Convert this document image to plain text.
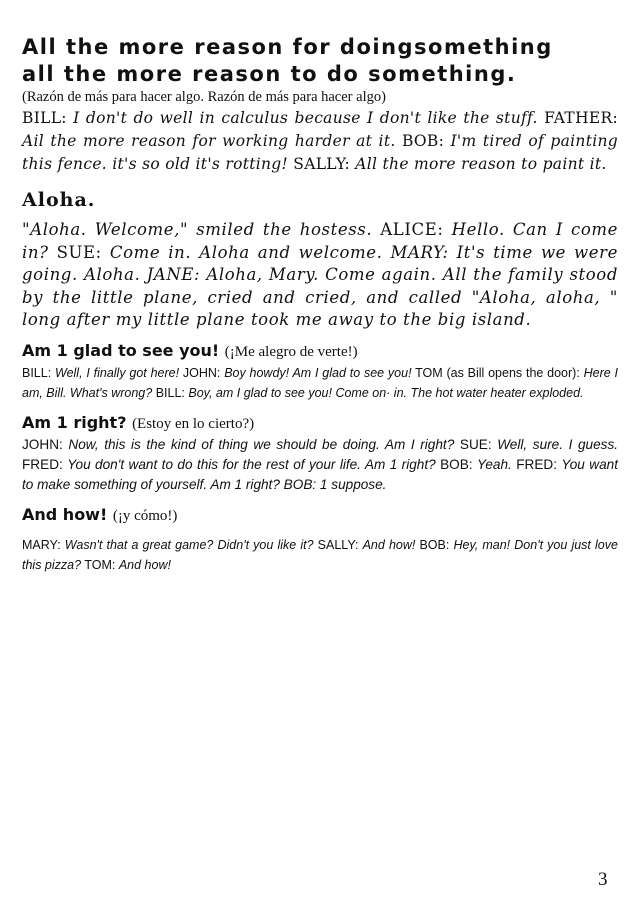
All the more reason for doingsomething
all the more reason to do something.
(Razón de más para hacer algo. Razón de más para hacer algo)
BILL: I don't do well in calculus because I don't like the stuff. FATHER: Ail the more reason for working harder at it. BOB: I'm tired of painting this fence. it's so old it's rotting! SALLY: All the more reason to paint it.
Aloha.
"Aloha. Welcome," smiled the hostess. ALICE: Hello. Can I come in? SUE: Come in. Aloha and welcome. MARY: It's time we were going. Aloha. JANE: Aloha, Mary. Come again. All the family stood by the little plane, cried and cried, and called "Aloha, aloha, " long after my little plane took me away to the big island.
Am 1 glad to see you! (¡Me alegro de verte!)
BILL: Well, I finally got here! JOHN: Boy howdy! Am I glad to see you! TOM (as Bill opens the door): Here I am, Bill. What's wrong? BILL: Boy, am I glad to see you! Come on· in. The hot water heater exploded.
Am 1 right? (Estoy en lo cierto?)
JOHN: Now, this is the kind of thing we should be doing. Am I right? SUE: Well, sure. I guess. FRED: You don't want to do this for the rest of your life. Am 1 right? BOB: Yeah. FRED: You want to make something of yourself. Am 1 right? BOB: 1 suppose.
And how! (¡y cómo!)
MARY: Wasn't that a great game? Didn't you like it? SALLY: And how! BOB: Hey, man! Don't you just love this pizza? TOM: And how!
3
